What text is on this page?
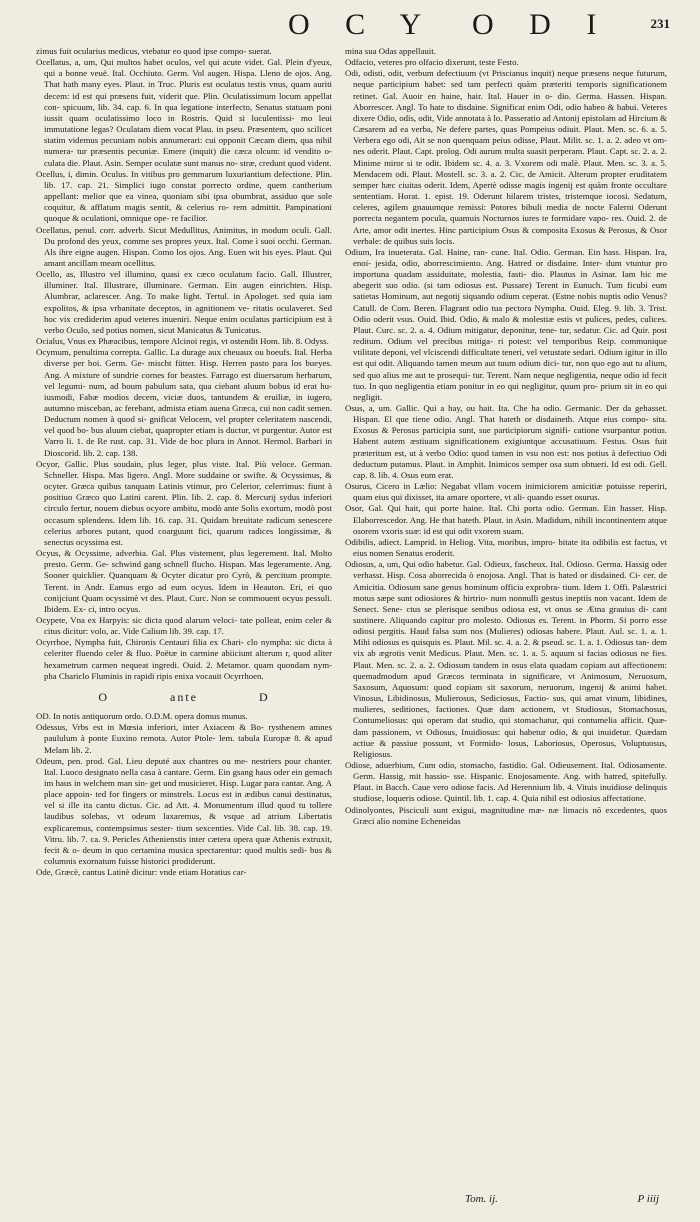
O C Y O D I	231

zimus fuit ocularius medicus, vtebatur eo quod ipse compo- suerat.

Ocellatus, a, um, Qui multos habet oculos, vel qui acute videt. Gal. Plein d'yeux, qui a bonne veuë. Ital. Occhiuto. Germ. Vol augen. Hispa. Lleno de ojos. Ang. That hath many eyes. Plaut. in Truc. Pluris est oculatus testis vnus, quam auriti decem: id est qui præsens fuit, viderit que. Plin. Oculatissimum locum appellat con- spicuum, lib. 34. cap. 6. In qua legatione interfecto, Senatus statuam poni iussit quam oculatissimo loco in Rostris. Quid si luculentissi- mo leui immutatione legas? Oculatam diem vocat Plau. in pseu. Præsentem, quo scilicet statim videmus pecuniam nobis annumerari: cui opponit Cæcam diem, qua nihil numera- tur præsentis pecuniæ. Emere (inquit) die cæca olcum: id vendito o- culata die. Plaut. Asin. Semper oculatæ sunt manus no- stræ, credunt quod vident.

Ocellus, i, dimin. Oculus. In vitibus pro gemmarum luxuriantium defectione. Plin. lib. 17. cap. 21. Simplici iugo constat porrecto ordine, quem cantherium appellant: melior que ea vinea, quoniam sibi ipsa obumbrat, assiduo que sole coquitur, & afflatum magis sentit, & celerius ro- rem admittit. Pampinationi quoque & oculationi, omnique ope- re facilior.

Ocellatus, penul. corr. adverb. Sicut Medullitus, Animitus, in modum oculi. Gall. Du profond des yeux, comme ses propres yeux. Ital. Come ì suoi occhi. German. Als ihre eigne augen. Hispan. Como los ojos. Ang. Euen wit his eyes. Plaut. Qui amant ancillam meam ocellitus.

Ocello, as, Illustro vel illumino, quasi ex cæco oculatum facio. Gall. Illustrer, illuminer. Ital. Illustrare, illuminare. German. Ein augen einrichten. Hisp. Alumbrar, aclarescer. Ang. To make light. Tertul. in Apologet. sed quia iam expolitos, & ipsa vrbanitate deceptos, in agnitionem ve- ritatis oculaveret. Sed hoc vix crediderim apud veteres inueniri. Neque enim oculatus participium est à verbo Oculo, sed potius nomen, sicut Manicatus & Tunicatus.

Ocialus, Vnus ex Phæacibus, tempore Alcinoi regis, vt ostendit Hom. lib. 8. Odyss.

Ocymum, penultima correpta. Gallic. La durage aux cheuaux ou boeufs. Ital. Herba diverse per boi. Germ. Ge- mischt fütter. Hisp. Herren pasto para los bueyes. Ang. A mixture of sundrie cornes for beastes. Farrago est diuersarum herbarum, vel legumi- num, ad boum pabulum sata, qua ciebant aluum bobus id erat hu- iusmodi, Fabæ modios decem, viciæ duos, tantundem & eruiliæ, in iugero, autumno misceban, ac ferebant, admista etiam auena Græca, cui non cadit semen. Deductum nomen à quod si- gnificat Velocem, vel propter celeritatem nascendi, vel quod bo- bus aluum ciebat, quapropter etiam is ductur, vt purgentur. Autor est Varro li. 1. de Re rust. cap. 31. Vide de hoc plura in Annot. Hermol. Barbari in Dioscorid. lib. 2. cap. 138.

Ocyor, Gallic. Plus soudain, plus leger, plus viste. Ital. Più veloce. German. Schneller. Hispa. Mas ligero. Angl. More suddaine or swifte. & Ocyssimus, & ocyter. Græca quibus tanquam Latinis vtimur, pro Celerior, celerrimus: fiunt à positiuo Græco quo Latini carent. Plin. lib. 2. cap. 8. Mercurij sydus inferiori circulo fertur, nouem diebus ocyore ambitu, modò ante Solis exortum, modò post occasum splendens. Idem lib. 16. cap. 31. Quidam breuitate radicum senescere celerius arbores putant, quod coarguunt fici, quarum radices longissimæ, & senectus ocyssima est.

Ocyus, & Ocyssime, adverbia. Gal. Plus vistement, plus legerement. Ital. Molto presto. Germ. Ge- schwind gang schnell flucho. Hispan. Mas legeramente. Ang. Sooner quicklier. Quanquam & Ocyter dicatur pro Cyrò, & percitum prompte. Terent. in Andr. Eamus ergo ad eum ocyus. Idem in Heauton. Eri, ei quo conijciunt Quam ocyssimè vt des. Plaut. Curc. Non se commouent ocyus pessuli. Ibidem. Ex- ci, intro ocyus.

Ocypete, Vna ex Harpyis: sic dicta quod alarum veloci- tate polleat, enim celer & citus dicitur: volo, ac. Vide Calium lib. 39. cap. 17.

Ocyrrhoe, Nympha fuit, Chironis Centauri filia ex Chari- clo nympha: sic dicta à celeriter fluendo celer & fluo. Poëtæ in carmine abiiciunt alterum r, quod aliter hexametrum carmen nequeat ingredi. Ouid. 2. Metamor. quam quondam nym- pha Chariclo Fluminis in rapidi ripis enixa vocauit Ocyrrhoen.

O	ante	D

OD. In notis antiquorum ordo. O.D.M. opera domus munus.

Odessus, Vrbs est in Mœsia inferiori, inter Axiacem & Bo- rysthenem amnes paululum à ponte Euxino remota. Autor Ptole- lem. tabula Europæ 8. & apud Melam lib. 2.

Odeum, pen. prod. Gal. Lieu deputé aux chantres ou me- nestriers pour chanter. Ital. Luoco designato nella casa à cantare. Germ. Ein gsang haus oder ein gemach im haus in welchem man sin- get und musicieret. Hisp. Lugar para cantar. Ang. A place appoin- ted for fingers or minstrels. Locus est in ædibus canui destinatus, vel si ille ita cantu dictus. Cic. ad Att. 4. Monumentum illud quod tu tollere laudibus solebas, vt odeum laxaremus, & vsque ad atrium Libertatis explicaremus, contempsimus sester- tium sexcenties. Vide Cal. lib. 38. cap. 19. Vitru. lib. 7. ca. 9. Pericles Athenienstis inter cætera opera quæ Athenis extruxit, fecit & o- deum in quo certamina musica spectarentur: quod multis sedi- bus & columnis exornatum fuisse historici prodiderunt.

Ode, Græcè, cantus Latinè dicitur: vnde etiam Horatius car-

mina sua Odas appellauit.

Odfacio, veteres pro olfacio dixerunt, teste Festo.

Odi, odisti, odit, verbum defectiuum (vt Priscianus inquit) neque præsens neque futurum, neque participium habet: sed tam perfecti quàm præteriti temporis significationem retinet. Gal. Auoir en haine, hair. Ital. Hauer in o- dio. Germa. Hassen. Hispan. Aborrescer. Angl. To hate to disdaine. Significat enim Odi, odio habeo & habui. Veteres dixere Odio, odis, odit, Vide annotata à lo. Passeratio ad Antonij epistolam ad Hircium & Cæsarem ad ea verba, Ne defere partes, quas Pompeius odiuit. Plaut. Men. sc. 6. a. 5. Verbera ego odi, Ait se non quenquam peius odisse, Plaut. Milit. sc. 1. a. 2. adeo vt om- nes oderit. Plaut. Capt. prolog. Odi aurum multa suasit perperam. Plaut. Capt. sc. 2. a. 2. Minime miror si te odit. Ibidem sc. 4. a. 3. Vxorem odi malè. Plaut. Men. sc. 3. a. 5. Mendacem odi. Plaut. Mostell. sc. 3. a. 2. Cic. de Amicit. Alterum propter eruditatem semper hæc ciuitas oderit. Idem, Apertè odisse magis ingenij est quàm fronte occultare sententiam. Horat. 1. epist. 19. Oderunt hilarem tristes, tristemque iocosi. Sedatum, celeres, agilem gnauumque remissi: Potores bibuli media de nocte Falerni Oderunt porrecta negantem pocula, quamuis Nocturnos iures te formidare vapo- res. Ouid. 2. de Arte, amor odit inertes. Hinc participium Osus & composita Exosus & Perosus, & Osor verbale: de quibus suis locis.

Odium, Ira inueterata. Gal. Haine, ran- cune. Ital. Odio. German. Ein hass. Hispan. Ira, enoi- jesida, odio, aborrescimiento. Ang. Hatred or disdaine. Inter- dum vtuntur pro importuna quadam assiduitate, molestia, fasti- dio. Plautus in Asinar. Iam hic me abegerit suo odio. (si tam odiosus est. Pussare) Terent in Eunuch. Tum ficubi eum satietas Hominum, aut negotij siquando odium ceperat. (Estne nobis nuptis odio Venus? Catull. de Com. Beren. Flagrant odio tua pectora Nympha. Ouid. Eleg. 9. lib. 3. Trist. Odio oderit vsus. Ouid. Ibid. Odio, & malo & molestiæ estis vt pulices, pedes, culices. Plaut. Curc. sc. 2. a. 4. Odium mitigatur, deponitur, tene- tur, sedatur. Cic. ad Quir. post reditum. Odium vel precibus mitiga- ri potest: vel temporibus Reip. communique vtilitate deponi, vel vlciscendi difficultate teneri, vel vetustate sedari. Odium igitur in illo est qui odit. Aliquando tamen meum aut tuum odium dici- tur, non quo ego aut tu alium, sed quo alius me aut te prosequi- tur. Terent. Nam neque negligentia, neque odio id fecit tuo. In quo negligentia etiam ponitur in eo qui negligitur, quum pro- prium sit in eo qui negligit.

Osus, a, um. Gallic. Qui a hay, ou hait. Ita. Che ha odio. Germanic. Der da gehasset. Hispan. El que tiene odio. Angl. That hateth or disdaineth. Atque eius compo- sita. Exosus & Perosus participia sunt, sue participiorum signifi- catione vsurpantur potius. Habent autem æstiuam significationem exigiuntque accusatiuum. Festus. Osus fuit præteritum est, ut à verbo Odio: quod tamen in vsu non est: nos potius à defectiuo Odi deductum putamus. Plaut. in Amphit. Inimicos semper osa sum obtueri. Id est odi. Gell. cap. 8. lib. 4. Osus eum erat.

Osurus, Cicero in Lælio: Negabat vllam vocem inimiciorem amicitiæ potuisse reperiri, quam eius qui dixisset, ita amare oportere, vt ali- quando esset osurus.

Osor, Gal. Qui hait, qui porte haine. Ital. Chi porta odio. German. Ein hasser. Hisp. Elaborrescedor. Ang. He that hateth. Plaut. in Asin. Madidum, nihili incontinentem atque osorem vxoris suæ: id est qui odit vxorem suam.

Odibilis, adiect. Lamprid. in Heliog. Vita, moribus, impro- bitate ita odibilis est factus, vt eius nomen Senatus eroderit.

Odiosus, a, um, Qui odio habetur. Gal. Odieux, fascheux. Ital. Odioso. Germa. Hassig oder verhasst. Hisp. Cosa aborrecida ò enojosa. Angl. That is hated or disdained. Ci- cer. de Amicitia. Odiosum sane genus hominum officia exprobra- tium. Idem 1. Offi. Palæstrici motus sæpe sunt odiosiores & hirtrio- num nonnulli gestus ineptiis non vacant. Idem de Senect. Sene- ctus se plerisque senibus odiosa est, vt onus se Ætna grauius di- cant sustinere. Aliquando capitur pro molesto. Odiosus es. Terent. in Phorm. Si porro esse odiosi pergitis. Haud falsa sum nos (Mulieres) odiosas habere. Plaut. Aul. sc. 1. a. 1. Mihi odiosus es quisquis es. Plaut. Mil. sc. 4. a. 2. & pseud. sc. 1. a. 1. Odiosus tan- dem vix ab ægrotis venit Medicus. Plaut. Men. sc. 1. a. 5. aquum si facias odiosus ne fies. Plaut. Men. sc. 2. a. 2. Odiosum tandem in osus elata quadam copiam aut affectionem: quemadmodum apud Græcos terminata in significare, vt Animosum, Neruosum, Saxosum, Aquosum: quod copiam sit saxorum, neruorum, ingenij & animi habet. Vinosus, Libidinosus, Mulierosus, Sediciosus, Factio- sus, qui amat vinum, libidines, mulieres, seditiones, factiones. Quæ dam actionem, vt Studiosus, Stomachosus, Contumeliosus: qui operam dat studio, qui stomachatur, qui contumelia afficit. Quæ- dam passionem, vt Odiosus, Inuidiosus: qui habetur odio, & qui inuidetur. Quædam actiue & passiue possunt, vt Formido- losus, Laboriosus, Operosus, Voluptuosus, Religiosus.

Odiose, aduerbium, Cum odio, stomacho, fastidio. Gal. Odieusement. Ital. Odiosamente. Germ. Hassig, mit hassio- sse. Hispanic. Enojosamente. Ang. with hatred, spitefully. Plaut. in Bacch. Caue vero odiose facis. Ad Herennium lib. 4. Vituis inuidiose delinquis studiose, loqueris odiose. Quintil. lib. 1. cap. 4. Quia nihil est odiosius affectatione.

Odinolyontes, Pisciculi sunt exigui, magnitudine mæ- næ limacis nō excedentes, quos Græci alio nomine Echeneidas

Tom. ij.	P iiij
